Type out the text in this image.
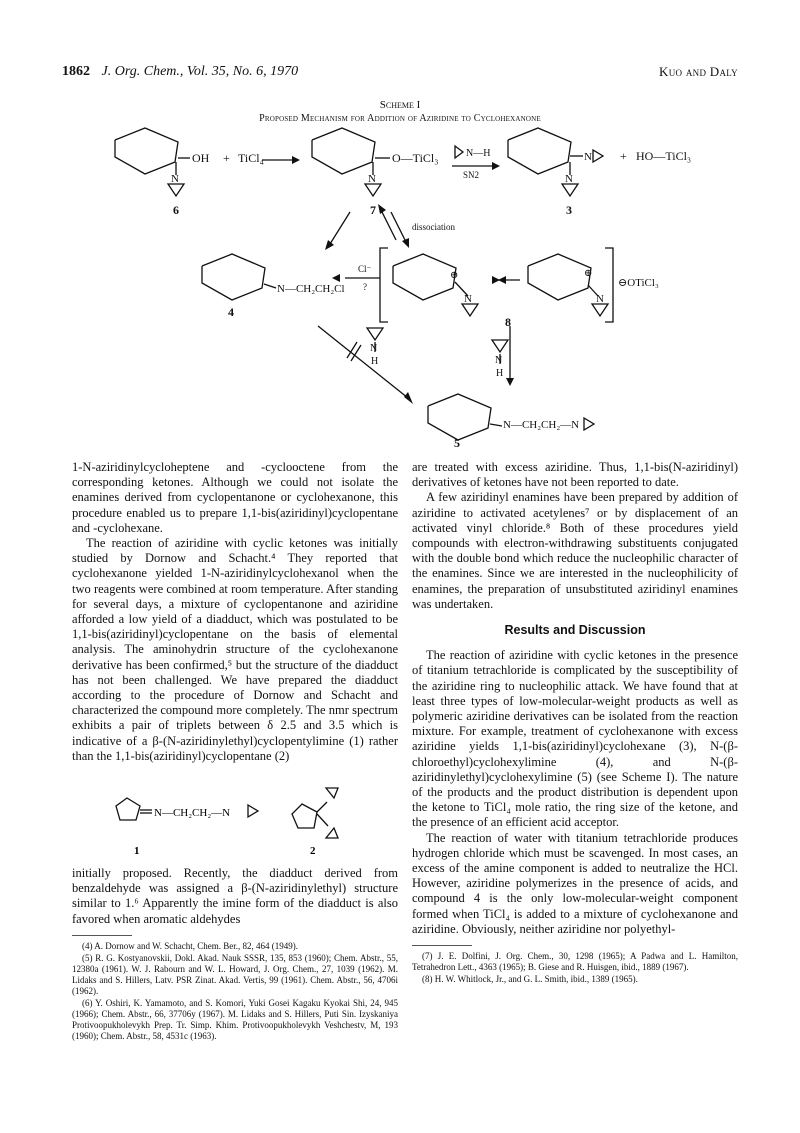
1862 J. Org. Chem., Vol. 35, No. 6, 1970	Kuo and Daly
Scheme I
Proposed Mechanism for Addition of Aziridine to Cyclohexanone
OH + TiCl₄	O—TiCl₃	N—H
SN2
+ HO—TiCl₃
N	N	N
N
6	7	3
dissociation
Cl⁻
?
N—CH₂CH₂Cl
4
⊕	⊕
N	N
⊖OTiCl₃
8
N
H	N
H
N—CH₂CH₂—N
5

1-N-aziridinylcycloheptene and -cyclooctene from the corresponding ketones. Although we could not isolate the enamines derived from cyclopentanone or cyclohexanone, this procedure enabled us to prepare 1,1-bis(aziridinyl)cyclopentane and -cyclohexane.

The reaction of aziridine with cyclic ketones was initially studied by Dornow and Schacht.⁴ They reported that cyclohexanone yielded 1-N-aziridinylcyclohexanol when the two reagents were combined at room temperature. After standing for several days, a mixture of cyclopentanone and aziridine afforded a low yield of a diadduct, which was postulated to be 1,1-bis(aziridinyl)cyclopentane on the basis of elemental analysis. The aminohydrin structure of the cyclohexanone derivative has been confirmed,⁵ but the structure of the diadduct has not been challenged. We have prepared the diadduct according to the procedure of Dornow and Schacht and characterized the compound more completely. The nmr spectrum exhibits a pair of triplets between δ 2.5 and 3.5 which is indicative of a β-(N-aziridinylethyl)cyclopentylimine (1) rather than the 1,1-bis(aziridinyl)cyclopentane (2)

N—CH₂CH₂—N
1	2

initially proposed. Recently, the diadduct derived from benzaldehyde was assigned a β-(N-aziridinylethyl) structure similar to 1.⁶ Apparently the imine form of the diadduct is also favored when aromatic aldehydes

(4) A. Dornow and W. Schacht, Chem. Ber., 82, 464 (1949).

(5) R. G. Kostyanovskii, Dokl. Akad. Nauk SSSR, 135, 853 (1960); Chem. Abstr., 55, 12380a (1961). W. J. Rabourn and W. L. Howard, J. Org. Chem., 27, 1039 (1962). M. Lidaks and S. Hillers, Latv. PSR Zinat. Akad. Vertis, 99 (1961). Chem. Abstr., 56, 4706i (1962).

(6) Y. Oshiri, K. Yamamoto, and S. Komori, Yuki Gosei Kagaku Kyokai Shi, 24, 945 (1966); Chem. Abstr., 66, 37706y (1967). M. Lidaks and S. Hillers, Puti Sin. Izyskaniya Protivoopukholevykh Prep. Tr. Simp. Khim. Protivoopukholevykh Veshchestv, M, 193 (1960); Chem. Abstr., 58, 4531c (1963).

are treated with excess aziridine. Thus, 1,1-bis(N-aziridinyl) derivatives of ketones have not been reported to date.

A few aziridinyl enamines have been prepared by addition of aziridine to activated acetylenes⁷ or by displacement of an activated vinyl chloride.⁸ Both of these procedures yield compounds with electron-withdrawing substituents conjugated with the double bond which reduce the nucleophilic character of the enamines. Since we are interested in the nucleophilicity of enamines, the preparation of unsubstituted aziridinyl enamines was undertaken.

Results and Discussion

The reaction of aziridine with cyclic ketones in the presence of titanium tetrachloride is complicated by the susceptibility of the aziridine ring to nucleophilic attack. We have found that at least three types of low-molecular-weight products as well as polymeric aziridine derivatives can be isolated from the reaction mixture. For example, treatment of cyclohexanone with excess aziridine yields 1,1-bis(aziridinyl)cyclohexane (3), N-(β-chloroethyl)cyclohexylimine (4), and N-(β-aziridinylethyl)cyclohexylimine (5) (see Scheme I). The nature of the products and the product distribution is dependent upon the ketone to TiCl₄ mole ratio, the ring size of the ketone, and the presence of an efficient acid acceptor.

The reaction of water with titanium tetrachloride produces hydrogen chloride which must be scavenged. In most cases, an excess of the amine component is added to neutralize the HCl. However, aziridine polymerizes in the presence of acids, and compound 4 is the only low-molecular-weight component formed when TiCl₄ is added to a mixture of cyclohexanone and aziridine. Obviously, neither aziridine nor polyethyl-

(7) J. E. Dolfini, J. Org. Chem., 30, 1298 (1965); A Padwa and L. Hamilton, Tetrahedron Lett., 4363 (1965); B. Giese and R. Huisgen, ibid., 1889 (1967).

(8) H. W. Whitlock, Jr., and G. L. Smith, ibid., 1389 (1965).
